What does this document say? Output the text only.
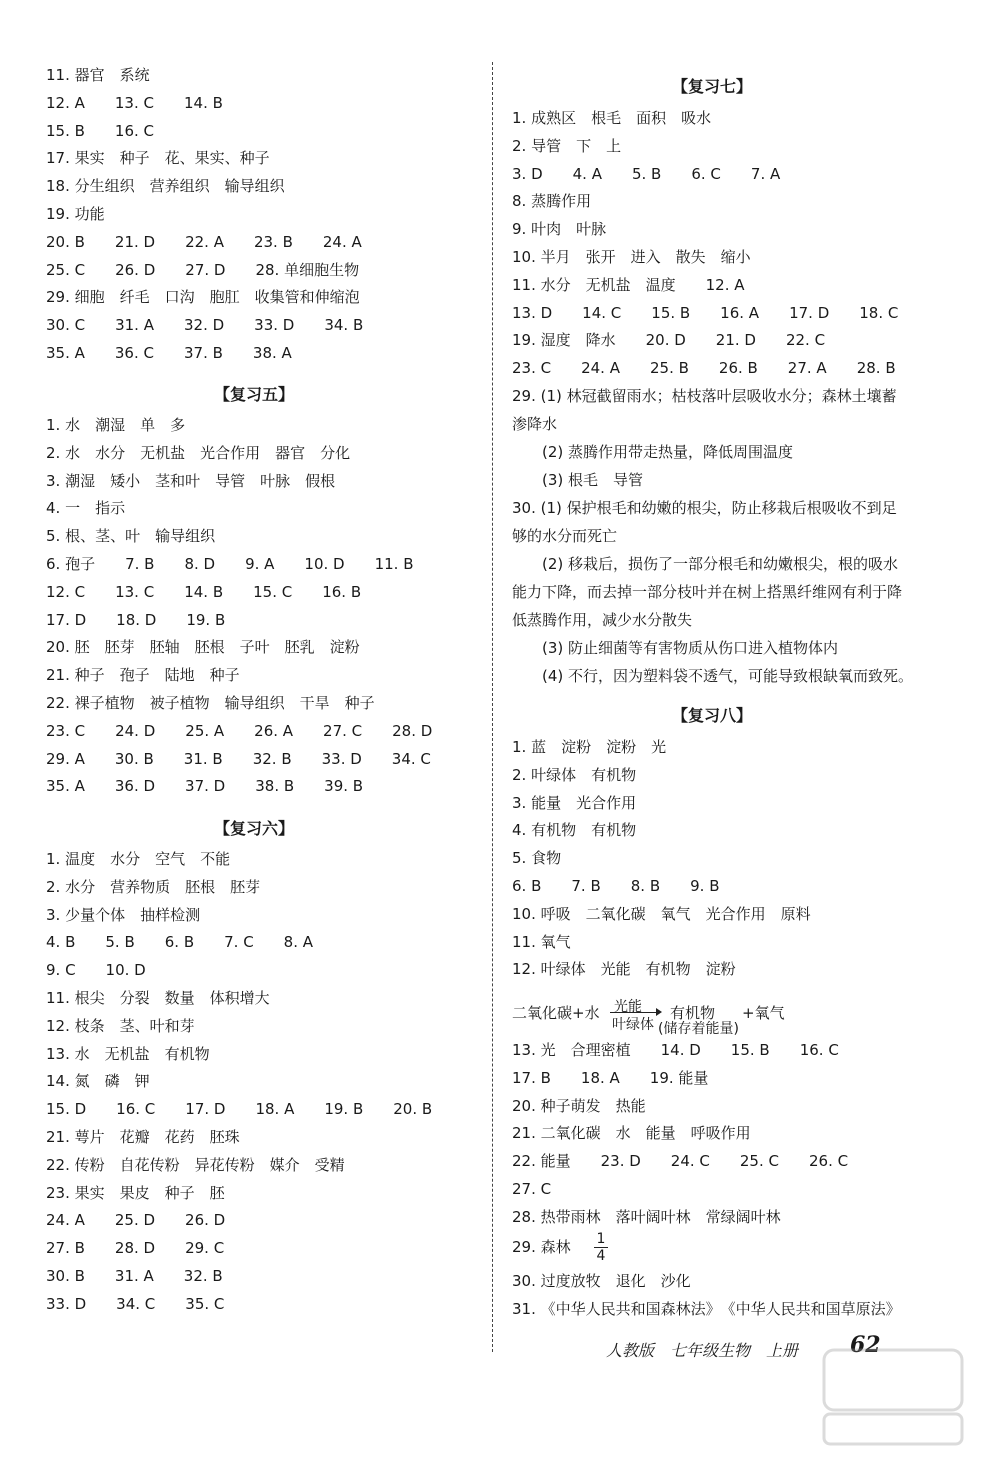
11. 器官　系统
12. A　　13. C　　14. B
15. B　　16. C
17. 果实　种子　花、果实、种子
18. 分生组织　营养组织　输导组织
19. 功能
20. B　　21. D　　22. A　　23. B　　24. A
25. C　　26. D　　27. D　　28. 单细胞生物
29. 细胞　纤毛　口沟　胞肛　收集管和伸缩泡
30. C　　31. A　　32. D　　33. D　　34. B
35. A　　36. C　　37. B　　38. A
【复习五】
1. 水　潮湿　单　多
2. 水　水分　无机盐　光合作用　器官　分化
3. 潮湿　矮小　茎和叶　导管　叶脉　假根
4. 一　指示
5. 根、茎、叶　输导组织
6. 孢子　　7. B　　8. D　　9. A　　10. D　　11. B
12. C　　13. C　　14. B　　15. C　　16. B
17. D　　18. D　　19. B
20. 胚　胚芽　胚轴　胚根　子叶　胚乳　淀粉
21. 种子　孢子　陆地　种子
22. 裸子植物　被子植物　输导组织　干旱　种子
23. C　　24. D　　25. A　　26. A　　27. C　　28. D
29. A　　30. B　　31. B　　32. B　　33. D　　34. C
35. A　　36. D　　37. D　　38. B　　39. B
【复习六】
1. 温度　水分　空气　不能
2. 水分　营养物质　胚根　胚芽
3. 少量个体　抽样检测
4. B　　5. B　　6. B　　7. C　　8. A
9. C　　10. D
11. 根尖　分裂　数量　体积增大
12. 枝条　茎、叶和芽
13. 水　无机盐　有机物
14. 氮　磷　钾
15. D　　16. C　　17. D　　18. A　　19. B　　20. B
21. 萼片　花瓣　花药　胚珠
22. 传粉　自花传粉　异花传粉　媒介　受精
23. 果实　果皮　种子　胚
24. A　　25. D　　26. D
27. B　　28. D　　29. C
30. B　　31. A　　32. B
33. D　　34. C　　35. C
二氧化碳+水 光能
叶绿体
有机物
(储存着能量)
+氧气
29. 森林 1
4
【复习七】
1. 成熟区　根毛　面积　吸水
2. 导管　下　上
3. D　　4. A　　5. B　　6. C　　7. A
8. 蒸腾作用
9. 叶肉　叶脉
10. 半月　张开　进入　散失　缩小
11. 水分　无机盐　温度　　12. A
13. D　　14. C　　15. B　　16. A　　17. D　　18. C
19. 湿度　降水　　20. D　　21. D　　22. C
23. C　　24. A　　25. B　　26. B　　27. A　　28. B
29. (1) 林冠截留雨水；枯枝落叶层吸收水分；森林土壤蓄
渗降水
(2) 蒸腾作用带走热量，降低周围温度
(3) 根毛　导管
30. (1) 保护根毛和幼嫩的根尖，防止移栽后根吸收不到足
够的水分而死亡
(2) 移栽后，损伤了一部分根毛和幼嫩根尖，根的吸水
能力下降，而去掉一部分枝叶并在树上搭黑纤维网有利于降
低蒸腾作用，减少水分散失
(3) 防止细菌等有害物质从伤口进入植物体内
(4) 不行，因为塑料袋不透气，可能导致根缺氧而致死。
【复习八】
1. 蓝　淀粉　淀粉　光
2. 叶绿体　有机物
3. 能量　光合作用
4. 有机物　有机物
5. 食物
6. B　　7. B　　8. B　　9. B
10. 呼吸　二氧化碳　氧气　光合作用　原料
11. 氧气
12. 叶绿体　光能　有机物　淀粉
13. 光　合理密植　　14. D　　15. B　　16. C
17. B　　18. A　　19. 能量
20. 种子萌发　热能
21. 二氧化碳　水　能量　呼吸作用
22. 能量　　23. D　　24. C　　25. C　　26. C
27. C
28. 热带雨林　落叶阔叶林　常绿阔叶林
30. 过度放牧　退化　沙化
31. 《中华人民共和国森林法》　《中华人民共和国草原法》
人教版　七年级生物　上册 62
